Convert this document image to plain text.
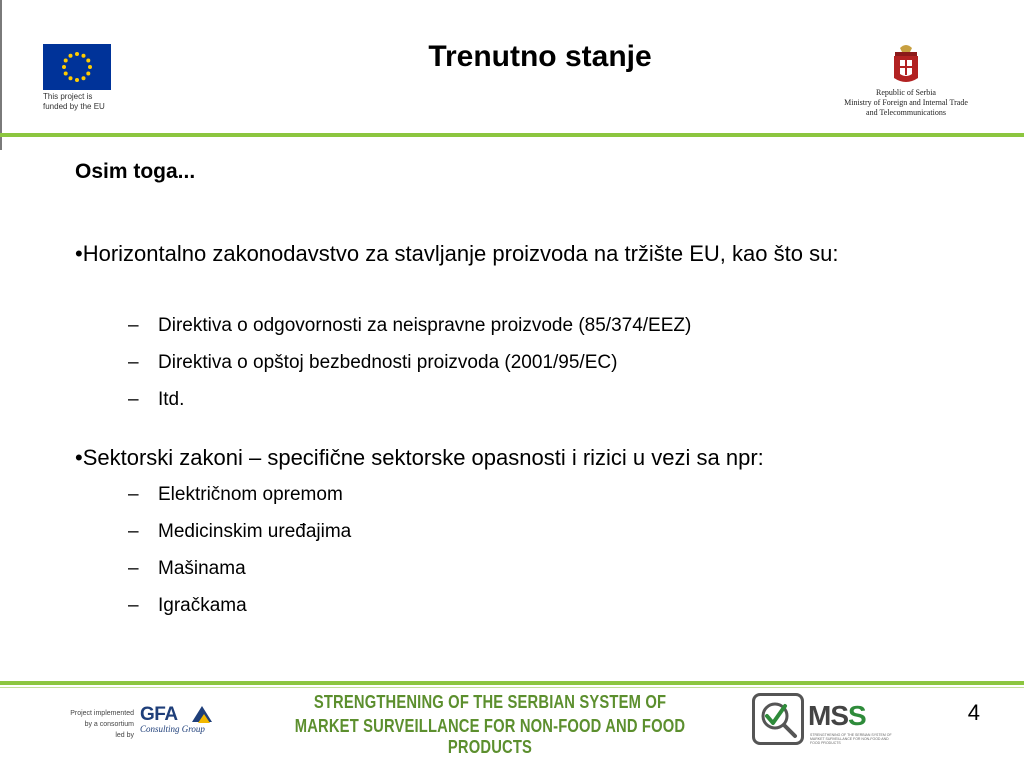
This project is
funded by the EU
Trenutno stanje
Republic of Serbia
Ministry of Foreign and Internal Trade
and Telecommunications
Osim toga...
•Horizontalno zakonodavstvo za stavljanje proizvoda na tržište EU, kao što su:
– Direktiva o odgovornosti za neispravne proizvode (85/374/EEZ)
– Direktiva o opštoj bezbednosti proizvoda (2001/95/EC)
– Itd.
•Sektorski zakoni – specifične sektorske opasnosti i rizici u vezi sa npr:
– Električnom opremom
– Medicinskim uređajima
– Mašinama
– Igračkama
Project implemented
by a consortium
led by
GFA
Consulting Group
STRENGTHENING OF THE SERBIAN SYSTEM OF
MARKET SURVEILLANCE FOR NON-FOOD AND FOOD PRODUCTS
MSS
STRENGTHENING OF THE SERBIAN SYSTEM OF MARKET SURVEILLANCE FOR NON-FOOD AND FOOD PRODUCTS
4
